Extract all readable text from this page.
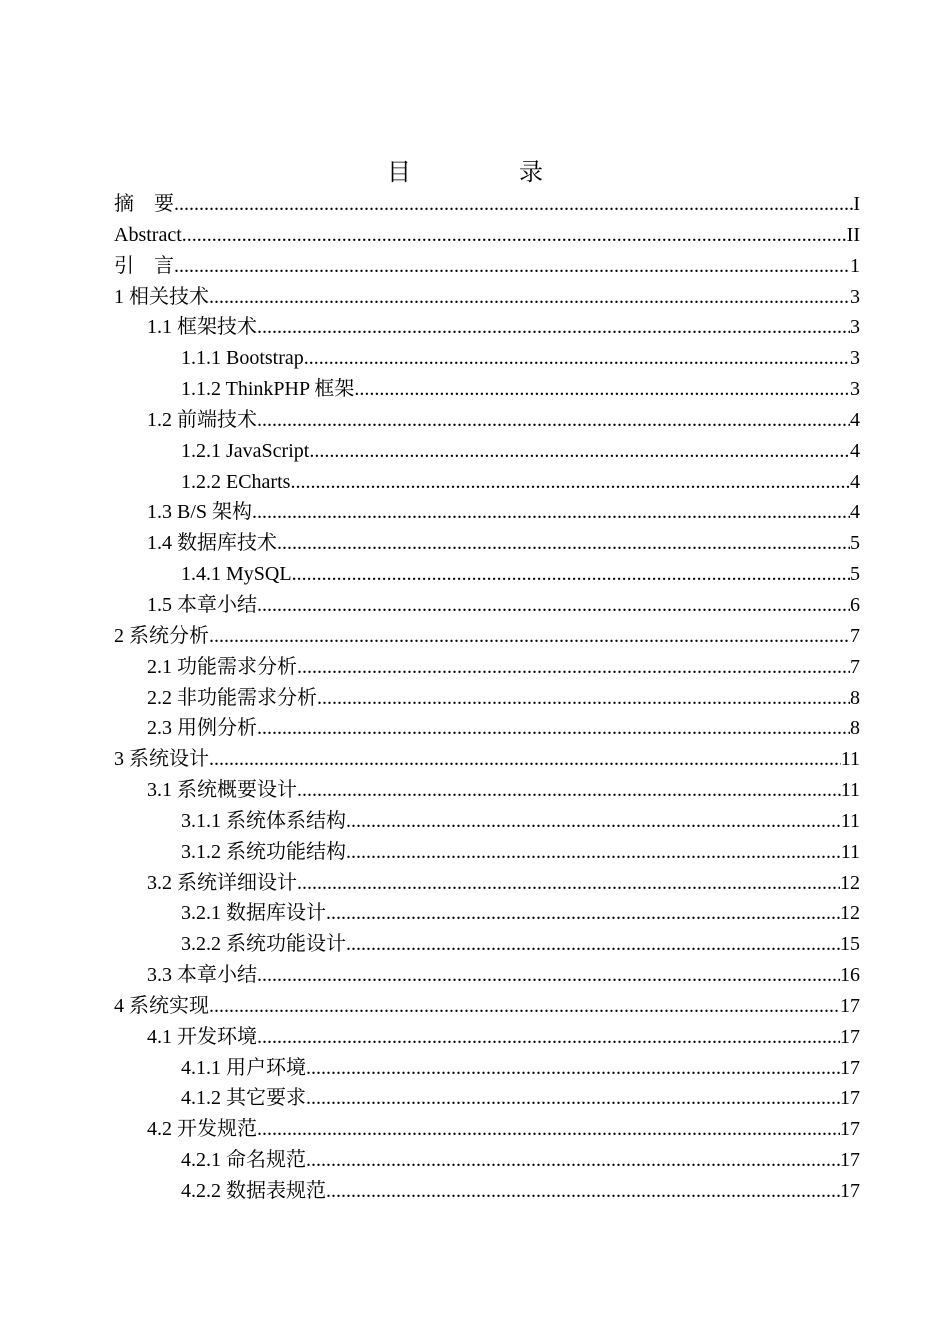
目　录
摘　要 .....	I
Abstract .....	II
引　言 .....	1
1 相关技术 .....	3
1.1 框架技术 .....	3
1.1.1 Bootstrap .....	3
1.1.2 ThinkPHP 框架 .....	3
1.2 前端技术 .....	4
1.2.1 JavaScript .....	4
1.2.2 ECharts .....	4
1.3 B/S 架构 .....	4
1.4 数据库技术 .....	5
1.4.1 MySQL .....	5
1.5 本章小结 .....	6
2 系统分析 .....	7
2.1 功能需求分析 .....	7
2.2 非功能需求分析 .....	8
2.3 用例分析 .....	8
3 系统设计 .....	11
3.1 系统概要设计 .....	11
3.1.1 系统体系结构 .....	11
3.1.2 系统功能结构 .....	11
3.2 系统详细设计 .....	12
3.2.1 数据库设计 .....	12
3.2.2 系统功能设计 .....	15
3.3 本章小结 .....	16
4 系统实现 .....	17
4.1 开发环境 .....	17
4.1.1 用户环境 .....	17
4.1.2 其它要求 .....	17
4.2 开发规范 .....	17
4.2.1 命名规范 .....	17
4.2.2 数据表规范 .....	17
